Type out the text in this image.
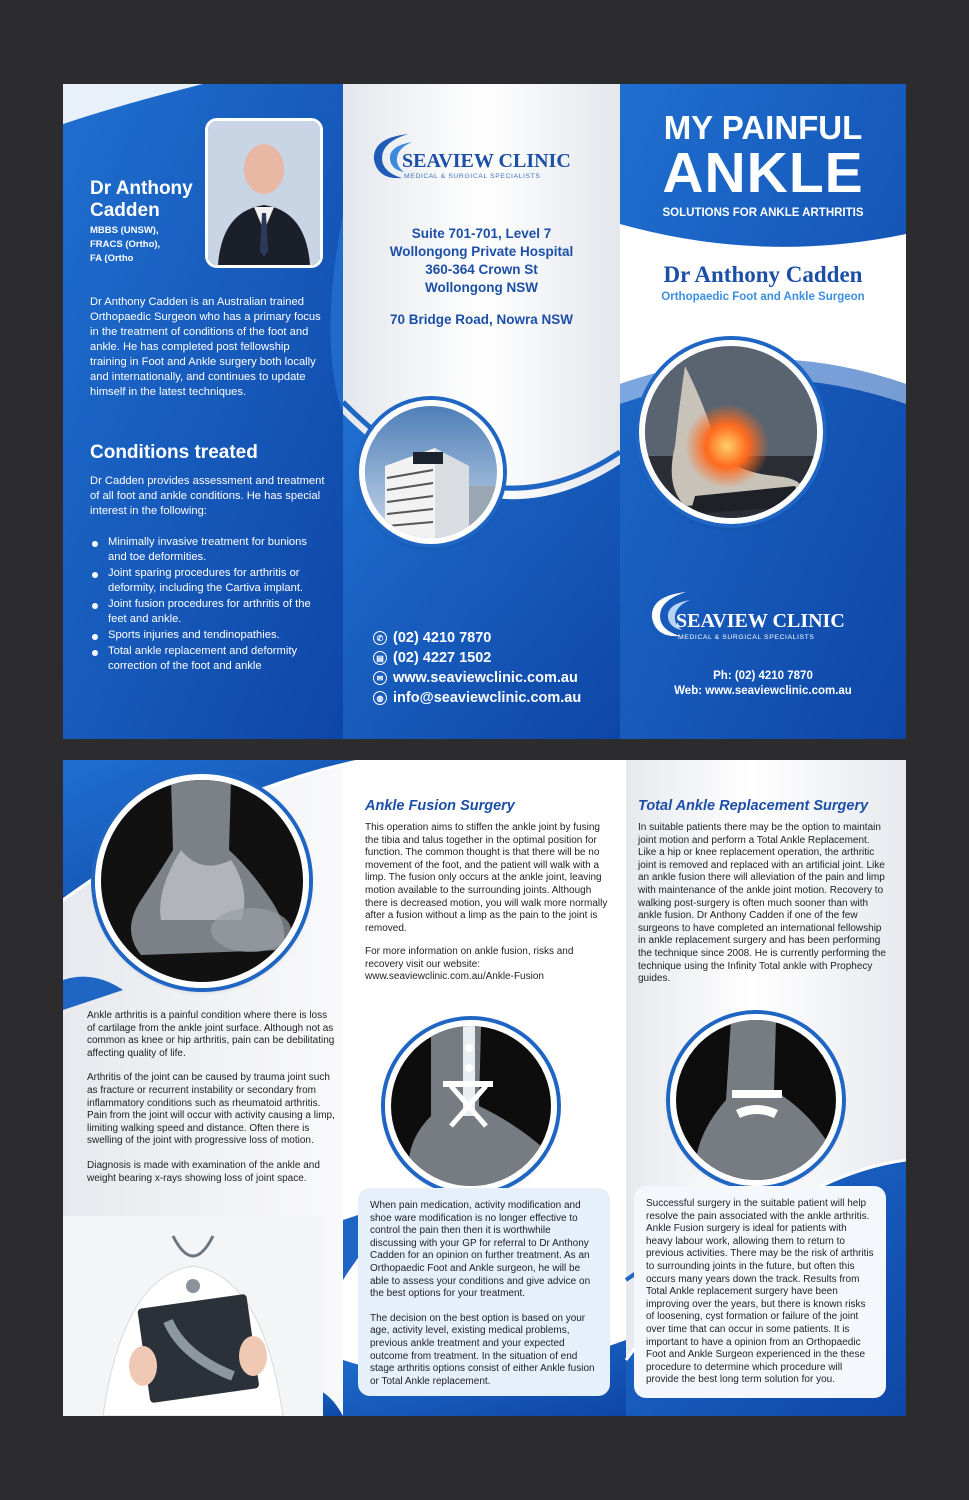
Dr Anthony Cadden
MBBS (UNSW),
FRACS (Ortho),
FA (Ortho

Dr Anthony Cadden is an Australian trained Orthopaedic Surgeon who has a primary focus in the treatment of conditions of the foot and ankle. He has completed post fellowship training in Foot and Ankle surgery both locally and internationally, and continues to update himself in the latest techniques.

Conditions treated

Dr Cadden provides assessment and treatment of all foot and ankle conditions. He has special interest in the following:

Minimally invasive treatment for bunions and toe deformities.
Joint sparing procedures for arthritis or deformity, including the Cartiva implant.
Joint fusion procedures for arthritis of the feet and ankle.
Sports injuries and tendinopathies.
Total ankle replacement and deformity correction of the foot and ankle
SEAVIEW CLINIC
MEDICAL & SURGICAL SPECIALISTS
Suite 701-701, Level 7
Wollongong Private Hospital
360-364 Crown St
Wollongong NSW
70 Bridge Road, Nowra NSW
✆ (02) 4210 7870
▤ (02) 4227 1502
✉ www.seaviewclinic.com.au
◍ info@seaviewclinic.com.au
MY PAINFUL
ANKLE
SOLUTIONS FOR ANKLE ARTHRITIS
Dr Anthony Cadden
Orthopaedic Foot and Ankle Surgeon
SEAVIEW CLINIC
MEDICAL & SURGICAL SPECIALISTS
Ph: (02) 4210 7870
Web: www.seaviewclinic.com.au

Ankle arthritis is a painful condition where there is loss of cartilage from the ankle joint surface. Although not as common as knee or hip arthritis, pain can be debilitating affecting quality of life.

Arthritis of the joint can be caused by trauma joint such as fracture or recurrent instability or secondary from inflammatory conditions such as rheumatoid arthritis.

Pain from the joint will occur with activity causing a limp, limiting walking speed and distance. Often there is swelling of the joint with progressive loss of motion.

Diagnosis is made with examination of the ankle and weight bearing x-rays showing loss of joint space.

Ankle Fusion Surgery

This operation aims to stiffen the ankle joint by fusing the tibia and talus together in the optimal position for function. The common thought is that there will be no movement of the foot, and the patient will walk with a limp. The fusion only occurs at the ankle joint, leaving motion available to the surrounding joints. Although there is decreased motion, you will walk more normally after a fusion without a limp as the pain to the joint is removed.

For more information on ankle fusion, risks and recovery visit our website:

www.seaviewclinic.com.au/Ankle-Fusion

When pain medication, activity modification and shoe ware modification is no longer effective to control the pain then then it is worthwhile discussing with your GP for referral to Dr Anthony Cadden for an opinion on further treatment. As an Orthopaedic Foot and Ankle surgeon, he will be able to assess your conditions and give advice on the best options for your treatment.

The decision on the best option is based on your age, activity level, existing medical problems, previous ankle treatment and your expected outcome from treatment. In the situation of end stage arthritis options consist of either Ankle fusion or Total Ankle replacement.

Total Ankle Replacement Surgery

In suitable patients there may be the option to maintain joint motion and perform a Total Ankle Replacement. Like a hip or knee replacement operation, the arthritic joint is removed and replaced with an artificial joint. Like an ankle fusion there will alleviation of the pain and limp with maintenance of the ankle joint motion. Recovery to walking post-surgery is often much sooner than with ankle fusion. Dr Anthony Cadden if one of the few surgeons to have completed an international fellowship in ankle replacement surgery and has been performing the technique since 2008. He is currently performing the technique using the Infinity Total ankle with Prophecy guides.

Successful surgery in the suitable patient will help resolve the pain associated with the ankle arthritis. Ankle Fusion surgery is ideal for patients with heavy labour work, allowing them to return to previous activities. There may be the risk of arthritis to surrounding joints in the future, but often this occurs many years down the track. Results from Total Ankle replacement surgery have been improving over the years, but there is known risks of loosening, cyst formation or failure of the joint over time that can occur in some patients. It is important to have a opinion from an Orthopaedic Foot and Ankle Surgeon experienced in the these procedure to determine which procedure will provide the best long term solution for you.
